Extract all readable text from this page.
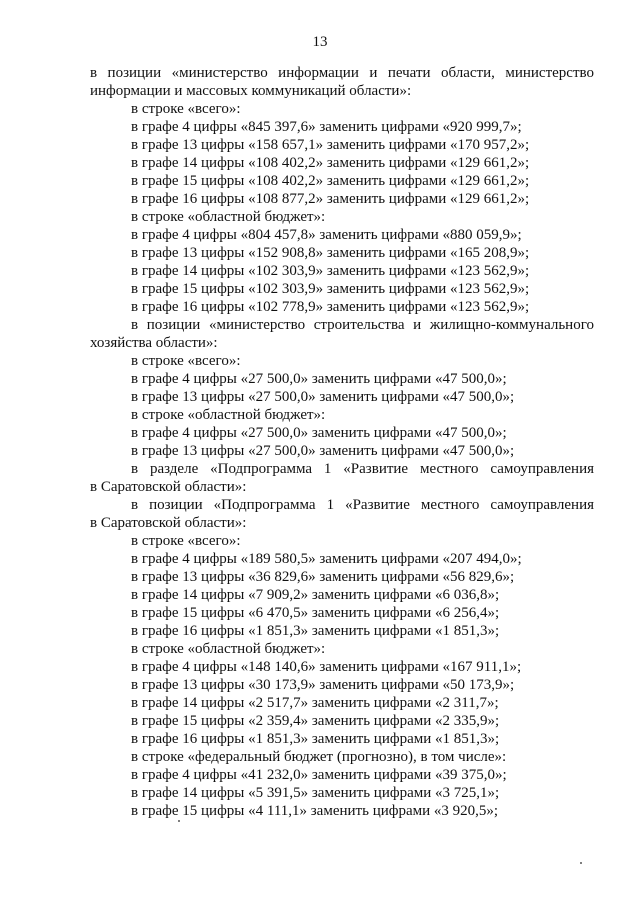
13
в позиции «министерство информации и печати области, министерство
информации и массовых коммуникаций области»:
в строке «всего»:
в графе 4 цифры «845 397,6» заменить цифрами «920 999,7»;
в графе 13 цифры «158 657,1» заменить цифрами «170 957,2»;
в графе 14 цифры «108 402,2» заменить цифрами «129 661,2»;
в графе 15 цифры «108 402,2» заменить цифрами «129 661,2»;
в графе 16 цифры «108 877,2» заменить цифрами «129 661,2»;
в строке «областной бюджет»:
в графе 4 цифры «804 457,8» заменить цифрами «880 059,9»;
в графе 13 цифры «152 908,8» заменить цифрами «165 208,9»;
в графе 14 цифры «102 303,9» заменить цифрами «123 562,9»;
в графе 15 цифры «102 303,9» заменить цифрами «123 562,9»;
в графе 16 цифры «102 778,9» заменить цифрами «123 562,9»;
в позиции «министерство строительства и жилищно-коммунального
хозяйства области»:
в строке «всего»:
в графе 4 цифры «27 500,0» заменить цифрами «47 500,0»;
в графе 13 цифры «27 500,0» заменить цифрами «47 500,0»;
в строке «областной бюджет»:
в графе 4 цифры «27 500,0» заменить цифрами «47 500,0»;
в графе 13 цифры «27 500,0» заменить цифрами «47 500,0»;
в разделе «Подпрограмма 1 «Развитие местного самоуправления
в Саратовской области»:
в позиции «Подпрограмма 1 «Развитие местного самоуправления
в Саратовской области»:
в строке «всего»:
в графе 4 цифры «189 580,5» заменить цифрами «207 494,0»;
в графе 13 цифры «36 829,6» заменить цифрами «56 829,6»;
в графе 14 цифры «7 909,2» заменить цифрами «6 036,8»;
в графе 15 цифры «6 470,5» заменить цифрами «6 256,4»;
в графе 16 цифры «1 851,3» заменить цифрами «1 851,3»;
в строке «областной бюджет»:
в графе 4 цифры «148 140,6» заменить цифрами «167 911,1»;
в графе 13 цифры «30 173,9» заменить цифрами «50 173,9»;
в графе 14 цифры «2 517,7» заменить цифрами «2 311,7»;
в графе 15 цифры «2 359,4» заменить цифрами «2 335,9»;
в графе 16 цифры «1 851,3» заменить цифрами «1 851,3»;
в строке «федеральный бюджет (прогнозно), в том числе»:
в графе 4 цифры «41 232,0» заменить цифрами «39 375,0»;
в графе 14 цифры «5 391,5» заменить цифрами «3 725,1»;
в графе 15 цифры «4 111,1» заменить цифрами «3 920,5»;
